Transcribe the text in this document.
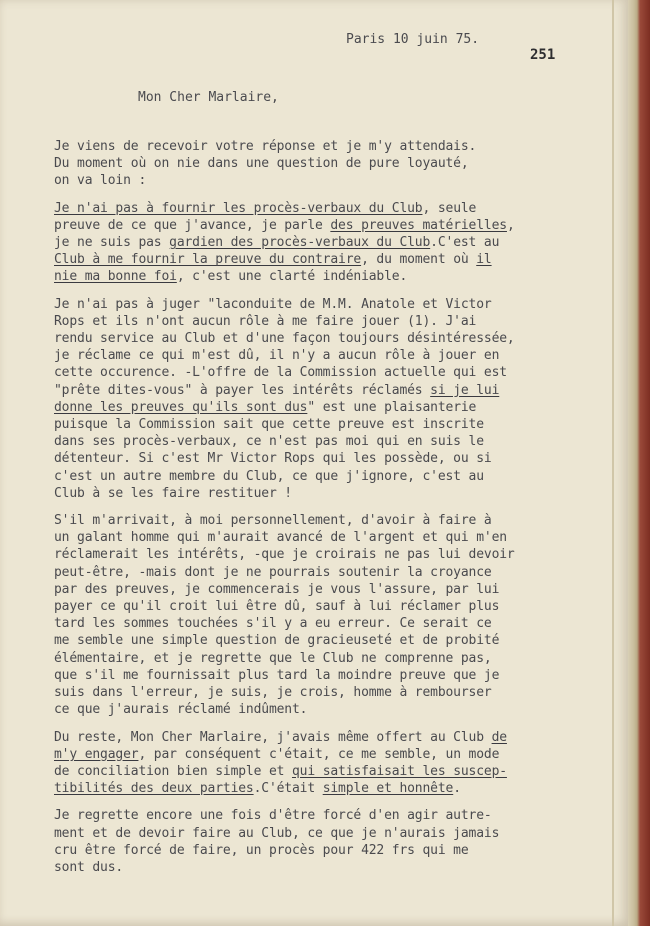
Paris 10 juin 75.
251
Mon Cher Marlaire,
Je viens de recevoir votre réponse et je m'y attendais.
Du moment où on nie dans une question de pure loyauté,
on va loin :
Je n'ai pas à fournir les procès-verbaux du Club, seule
preuve de ce que j'avance, je parle des preuves matérielles,
je ne suis pas gardien des procès-verbaux du Club.C'est au
Club à me fournir la preuve du contraire, du moment où il
nie ma bonne foi, c'est une clarté indéniable.
Je n'ai pas à juger "laconduite de M.M. Anatole et Victor
Rops et ils n'ont aucun rôle à me faire jouer (1). J'ai
rendu service au Club et d'une façon toujours désintéressée,
je réclame ce qui m'est dû, il n'y a aucun rôle à jouer en
cette occurence. -L'offre de la Commission actuelle qui est
"prête dites-vous" à payer les intérêts réclamés si je lui
donne les preuves qu'ils sont dus" est une plaisanterie
puisque la Commission sait que cette preuve est inscrite
dans ses procès-verbaux, ce n'est pas moi qui en suis le
détenteur. Si c'est Mr Victor Rops qui les possède, ou si
c'est un autre membre du Club, ce que j'ignore, c'est au
Club à se les faire restituer !
S'il m'arrivait, à moi personnellement, d'avoir à faire à
un galant homme qui m'aurait avancé de l'argent et qui m'en
réclamerait les intérêts, -que je croirais ne pas lui devoir
peut-être, -mais dont je ne pourrais soutenir la croyance
par des preuves, je commencerais je vous l'assure, par lui
payer ce qu'il croit lui être dû, sauf à lui réclamer plus
tard les sommes touchées s'il y a eu erreur. Ce serait ce
me semble une simple question de gracieuseté et de probité
élémentaire, et je regrette que le Club ne comprenne pas,
que s'il me fournissait plus tard la moindre preuve que je
suis dans l'erreur, je suis, je crois, homme à rembourser
ce que j'aurais réclamé indûment.
Du reste, Mon Cher Marlaire, j'avais même offert au Club de
m'y engager, par conséquent c'était, ce me semble, un mode
de conciliation bien simple et qui satisfaisait les suscep-
tibilités des deux parties.C'était simple et honnête.
Je regrette encore une fois d'être forcé d'en agir autre-
ment et de devoir faire au Club, ce que je n'aurais jamais
cru être forcé de faire, un procès pour 422 frs qui me
sont dus.
